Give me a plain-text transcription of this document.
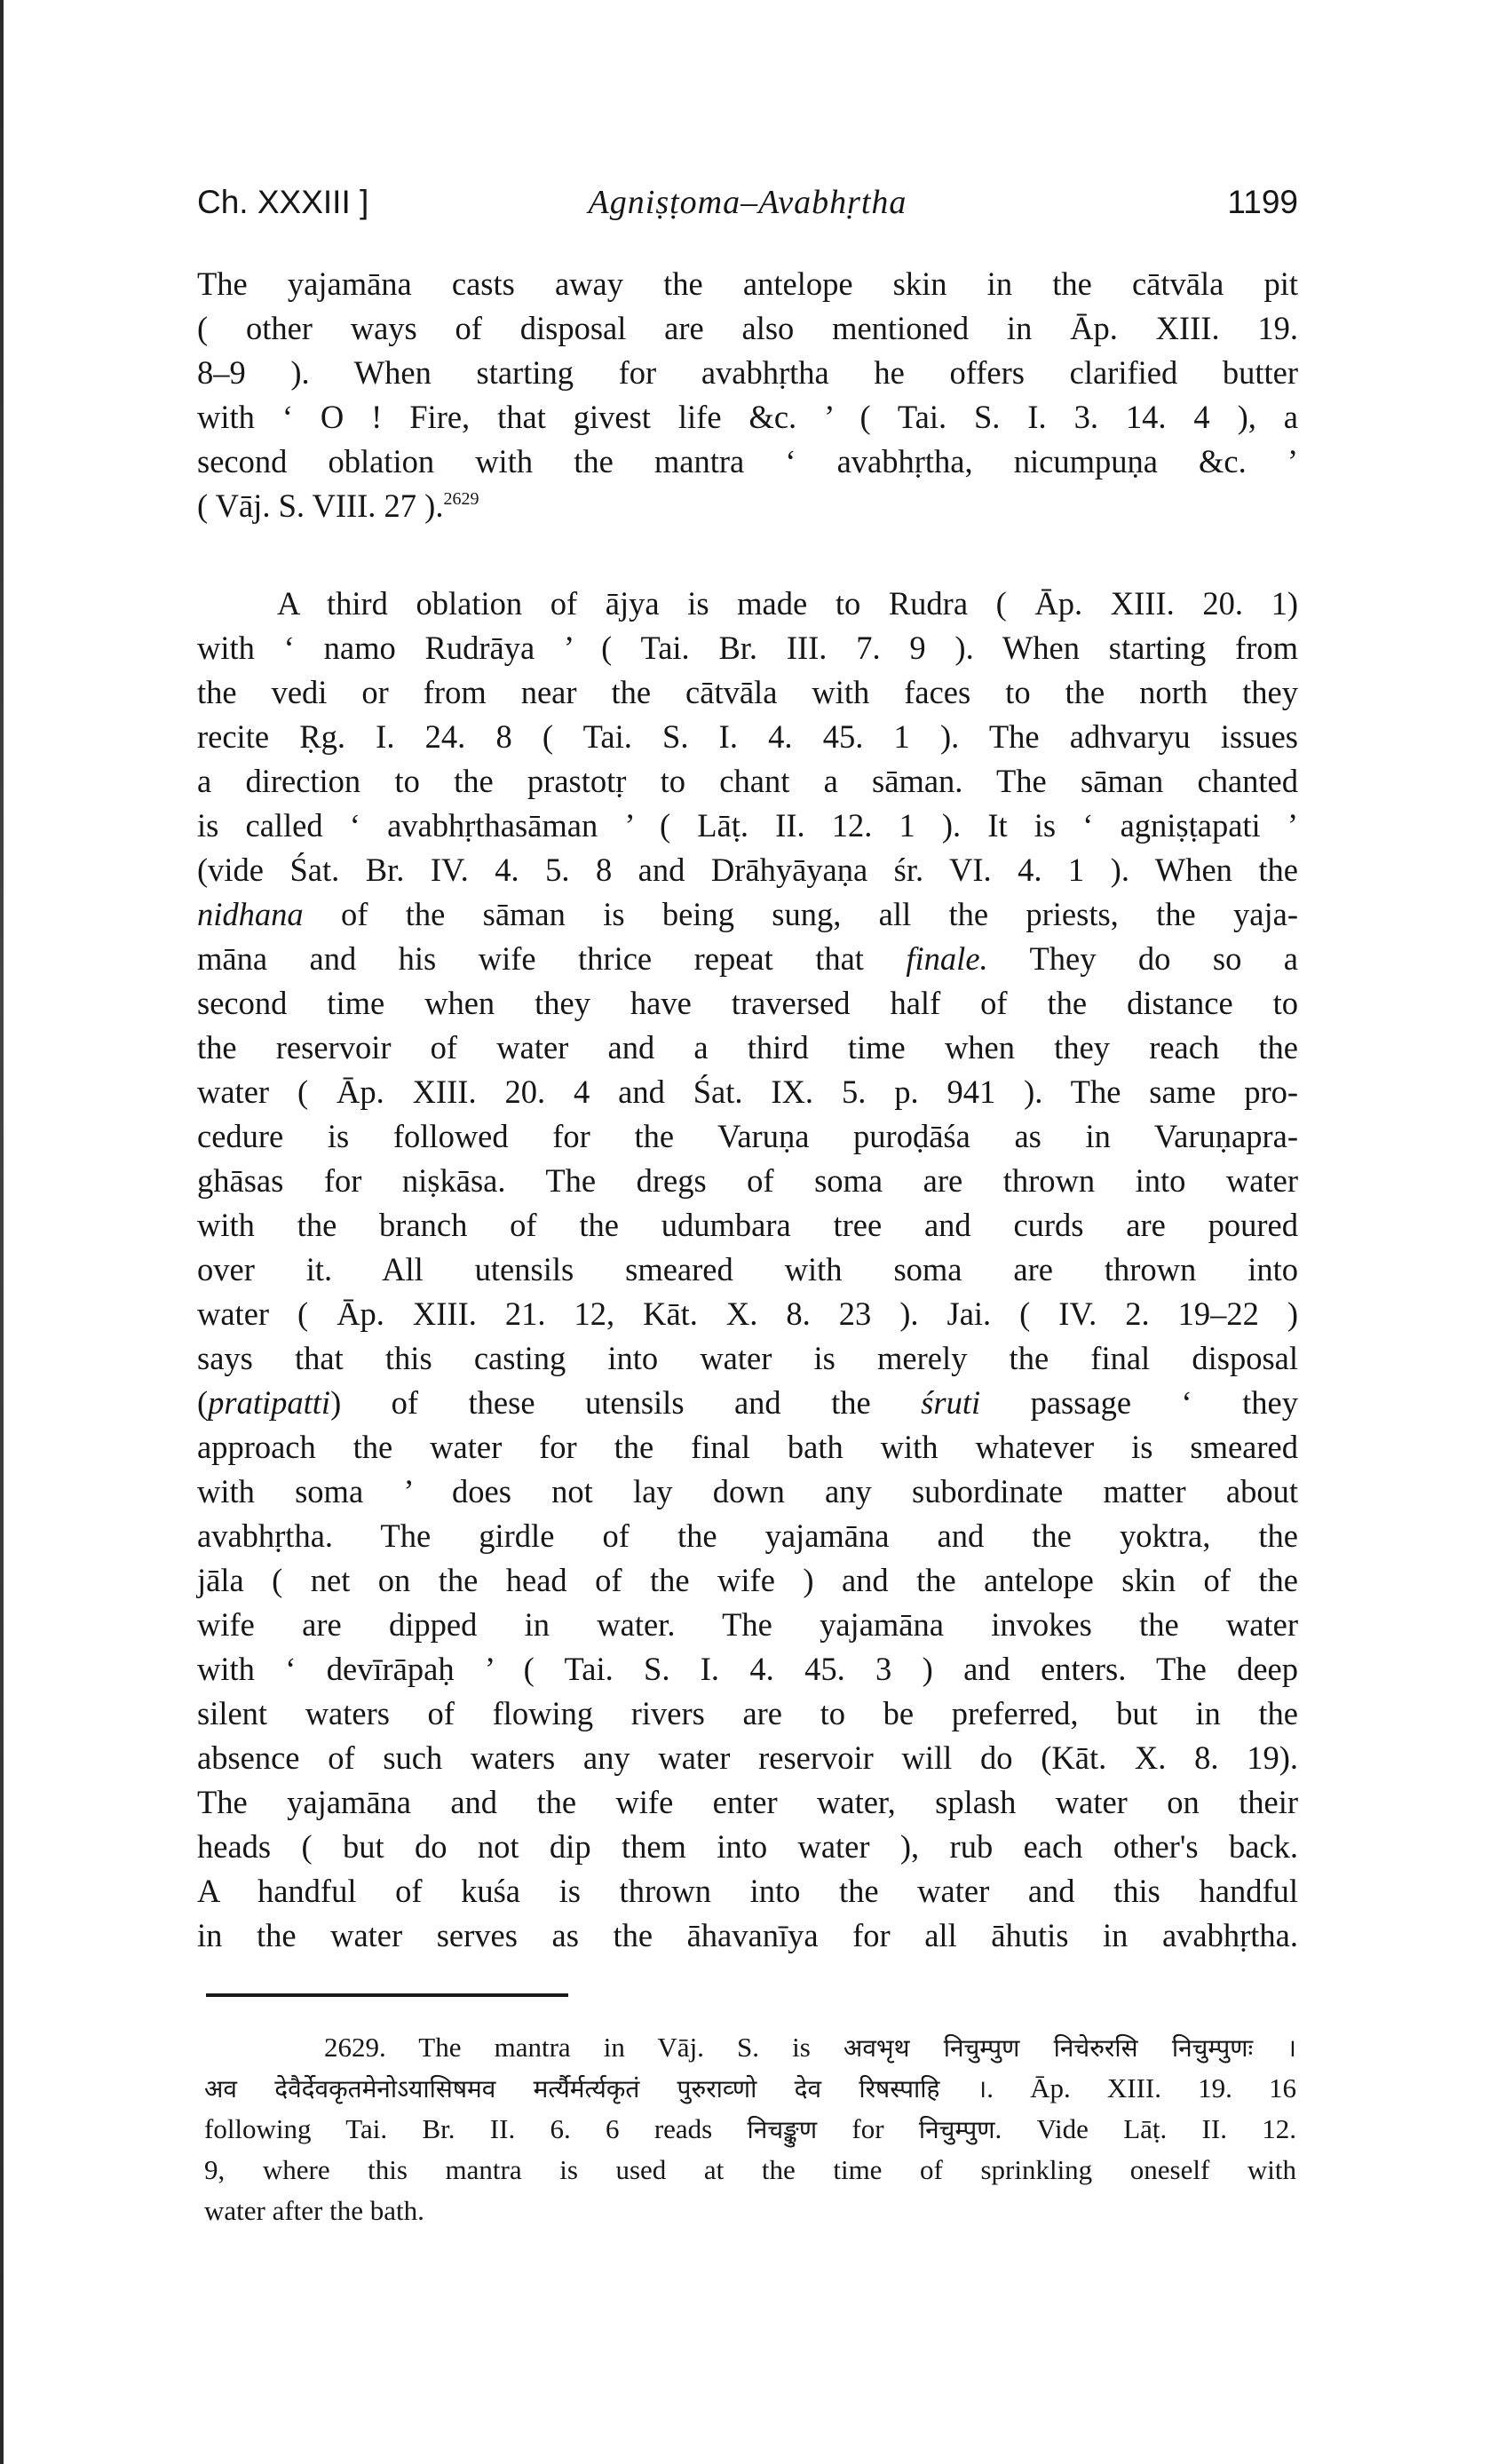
Ch. XXXIII ]	Agniṣṭoma–Avabhṛtha	1199
The yajamāna casts away the antelope skin in the cātvāla pit
( other ways of disposal are also mentioned in Āp. XIII. 19.
8–9 ). When starting for avabhṛtha he offers clarified butter
with ‘ O ! Fire, that givest life &c. ’ ( Tai. S. I. 3. 14. 4 ), a
second oblation with the mantra ‘ avabhṛtha, nicumpuṇa &c. ’
( Vāj. S. VIII. 27 ).$^{2629}$
A third oblation of ājya is made to Rudra ( Āp. XIII. 20. 1)
with ‘ namo Rudrāya ’ ( Tai. Br. III. 7. 9 ). When starting from
the vedi or from near the cātvāla with faces to the north they
recite Ṛg. I. 24. 8 ( Tai. S. I. 4. 45. 1 ). The adhvaryu issues
a direction to the prastotṛ to chant a sāman. The sāman chanted
is called ‘ avabhṛthasāman ’ ( Lāṭ. II. 12. 1 ). It is ‘ agniṣṭapati ’
(vide Śat. Br. IV. 4. 5. 8 and Drāhyāyaṇa śr. VI. 4. 1 ). When the
nidhana of the sāman is being sung, all the priests, the yaja-
māna and his wife thrice repeat that finale. They do so a
second time when they have traversed half of the distance to
the reservoir of water and a third time when they reach the
water ( Āp. XIII. 20. 4 and Śat. IX. 5. p. 941 ). The same pro-
cedure is followed for the Varuṇa puroḍāśa as in Varuṇapra-
ghāsas for niṣkāsa. The dregs of soma are thrown into water
with the branch of the udumbara tree and curds are poured
over it. All utensils smeared with soma are thrown into
water ( Āp. XIII. 21. 12, Kāt. X. 8. 23 ). Jai. ( IV. 2. 19–22 )
says that this casting into water is merely the final disposal
(pratipatti) of these utensils and the śruti passage ‘ they
approach the water for the final bath with whatever is smeared
with soma ’ does not lay down any subordinate matter about
avabhṛtha. The girdle of the yajamāna and the yoktra, the
jāla ( net on the head of the wife ) and the antelope skin of the
wife are dipped in water. The yajamāna invokes the water
with ‘ devīrāpaḥ ’ ( Tai. S. I. 4. 45. 3 ) and enters. The deep
silent waters of flowing rivers are to be preferred, but in the
absence of such waters any water reservoir will do (Kāt. X. 8. 19).
The yajamāna and the wife enter water, splash water on their
heads ( but do not dip them into water ), rub each other's back.
A handful of kuśa is thrown into the water and this handful
in the water serves as the āhavanīya for all āhutis in avabhṛtha.
2629. The mantra in Vāj. S. is अवभृथ निचुम्पुण निचेरुरसि निचुम्पुणः ।
अव देवैर्देवकृतमेनोऽयासिषमव मर्त्यैर्मर्त्यकृतं पुरुराव्णो देव रिषस्पाहि ।. Āp. XIII. 19. 16
following Tai. Br. II. 6. 6 reads निचङ्कुण for निचुम्पुण. Vide Lāṭ. II. 12.
9, where this mantra is used at the time of sprinkling oneself with
water after the bath.
